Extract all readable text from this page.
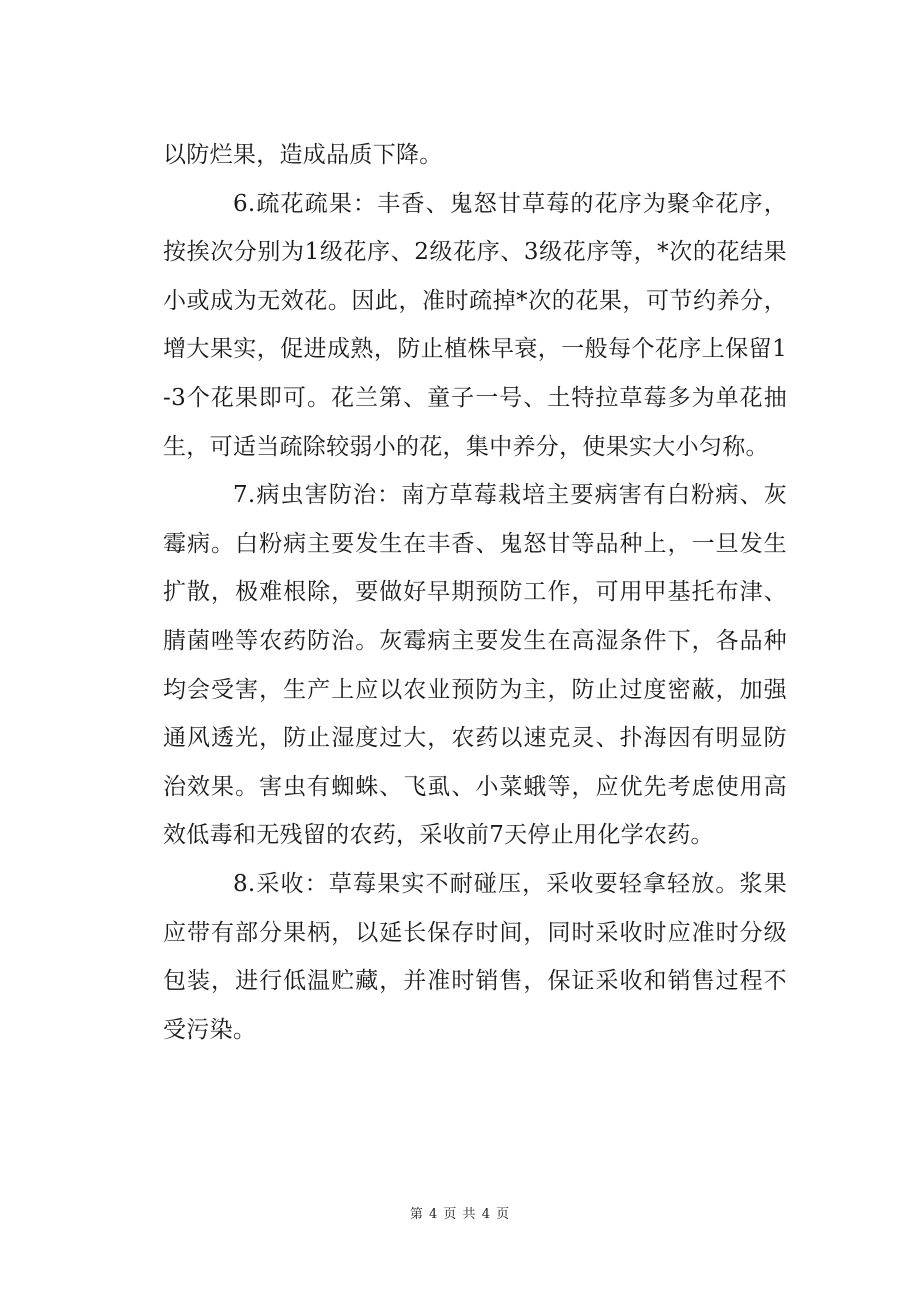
以防烂果，造成品质下降。

6.疏花疏果：丰香、鬼怒甘草莓的花序为聚伞花序，按挨次分别为1级花序、2级花序、3级花序等，*次的花结果小或成为无效花。因此，准时疏掉*次的花果，可节约养分，增大果实，促进成熟，防止植株早衰，一般每个花序上保留1-3个花果即可。花兰第、童子一号、土特拉草莓多为单花抽生，可适当疏除较弱小的花，集中养分，使果实大小匀称。

7.病虫害防治：南方草莓栽培主要病害有白粉病、灰霉病。白粉病主要发生在丰香、鬼怒甘等品种上，一旦发生扩散，极难根除，要做好早期预防工作，可用甲基托布津、腈菌唑等农药防治。灰霉病主要发生在高湿条件下，各品种均会受害，生产上应以农业预防为主，防止过度密蔽，加强通风透光，防止湿度过大，农药以速克灵、扑海因有明显防治效果。害虫有蜘蛛、飞虱、小菜蛾等，应优先考虑使用高效低毒和无残留的农药，采收前7天停止用化学农药。

8.采收：草莓果实不耐碰压，采收要轻拿轻放。浆果应带有部分果柄，以延长保存时间，同时采收时应准时分级包装，进行低温贮藏，并准时销售，保证采收和销售过程不受污染。

第 4 页 共 4 页
